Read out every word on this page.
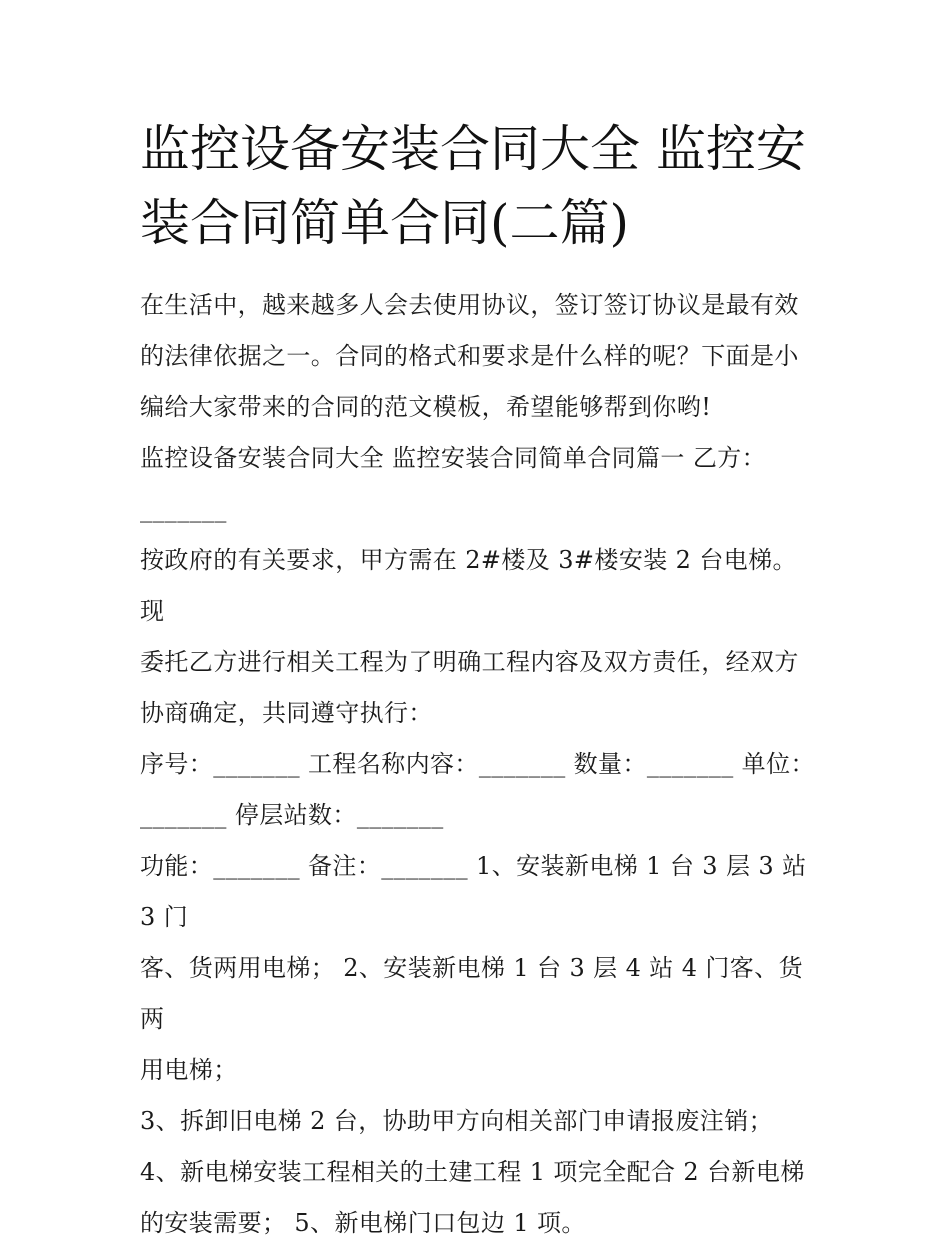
监控设备安装合同大全 监控安
装合同简单合同(二篇)

在生活中，越来越多人会去使用协议，签订签订协议是最有效

的法律依据之一。合同的格式和要求是什么样的呢？下面是小

编给大家带来的合同的范文模板，希望能够帮到你哟!

监控设备安装合同大全 监控安装合同简单合同篇一 乙方：

_______

按政府的有关要求，甲方需在 2#楼及 3#楼安装 2 台电梯。现

委托乙方进行相关工程为了明确工程内容及双方责任，经双方

协商确定，共同遵守执行：

序号：_______ 工程名称内容：_______ 数量：_______ 单位：

_______ 停层站数：_______

功能：_______ 备注：_______ 1、安装新电梯 1 台 3 层 3 站 3 门

客、货两用电梯； 2、安装新电梯 1 台 3 层 4 站 4 门客、货两

用电梯；

3、拆卸旧电梯 2 台，协助甲方向相关部门申请报废注销；

4、新电梯安装工程相关的土建工程 1 项完全配合 2 台新电梯

的安装需要； 5、新电梯门口包边 1 项。
